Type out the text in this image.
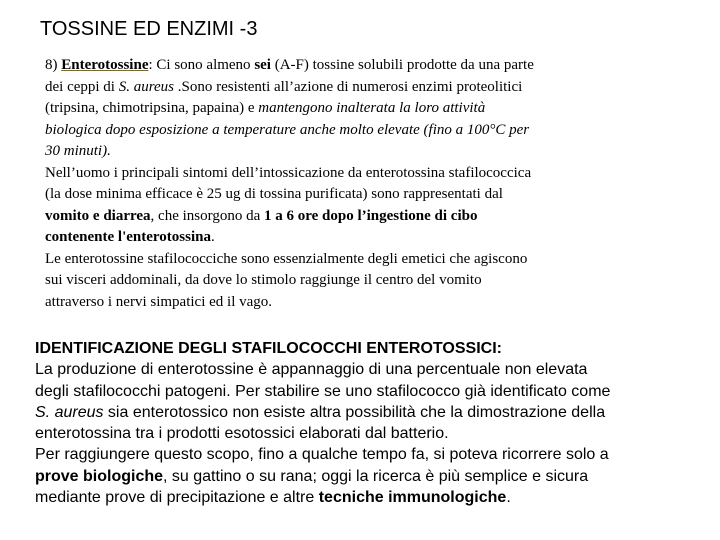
TOSSINE ED ENZIMI -3
8) Enterotossine: Ci sono almeno sei (A-F) tossine solubili prodotte da una parte
dei ceppi di S. aureus .Sono resistenti all’azione di numerosi enzimi proteolitici
(tripsina, chimotripsina, papaina) e mantengono inalterata la loro attività
biologica dopo esposizione a temperature anche molto elevate (fino a 100°C per
30 minuti).
Nell’uomo i principali sintomi dell’intossicazione da enterotossina stafilococcica
(la dose minima efficace è 25 ug di tossina purificata) sono rappresentati dal
vomito e diarrea, che insorgono da 1 a 6 ore dopo l’ingestione di cibo
contenente l'enterotossina.
Le enterotossine stafilococciche sono essenzialmente degli emetici che agiscono
sui visceri addominali, da dove lo stimolo raggiunge il centro del vomito
attraverso i nervi simpatici ed il vago.
IDENTIFICAZIONE DEGLI STAFILOCOCCHI ENTEROTOSSICI:
La produzione di enterotossine è appannaggio di una percentuale non elevata
degli stafilococchi patogeni. Per stabilire se uno stafilococco già identificato come
S. aureus sia enterotossico non esiste altra possibilità che la dimostrazione della
enterotossina tra i prodotti esotossici elaborati dal batterio.
Per raggiungere questo scopo, fino a qualche tempo fa, si poteva ricorrere solo a
prove biologiche, su gattino o su rana; oggi la ricerca è più semplice e sicura
mediante prove di precipitazione e altre tecniche immunologiche.
